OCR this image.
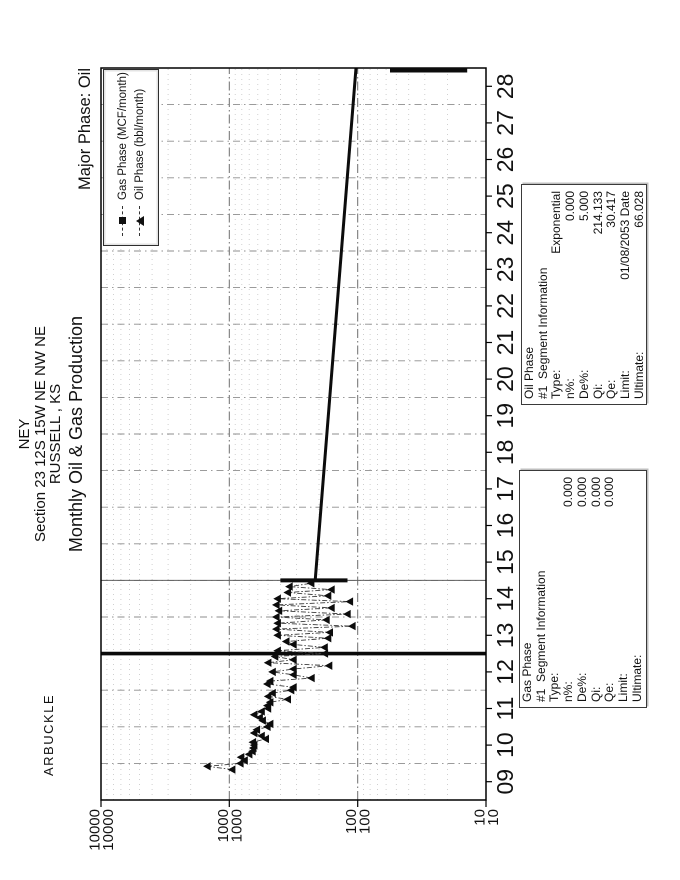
NEY
Section 23 12S 15W NE NW NE
RUSSELL , KS Monthly Oil & Gas Production
ARBUCKLE
Major Phase: Oil
09
10
11
12
13
14
15
16
17
18
19
20
21
22
23
24
25
26
27
28
10
10
100
100
1000
1000
10000
10000
Gas Phase (MCF/month) Oil Phase (bbl/month)
Gas Phase #1  Segment Information Type: n%:
0.000
De%:
0.000
Qi:
0.000
Qe:
0.000
Limit: Ultimate:
Oil Phase #1  Segment Information Type:
Exponential
n%:
0.000
De%:
5.000
Qi:
214.133
Qe:
30.417
Limit:
01/08/2053 Date
Ultimate:
66.028
